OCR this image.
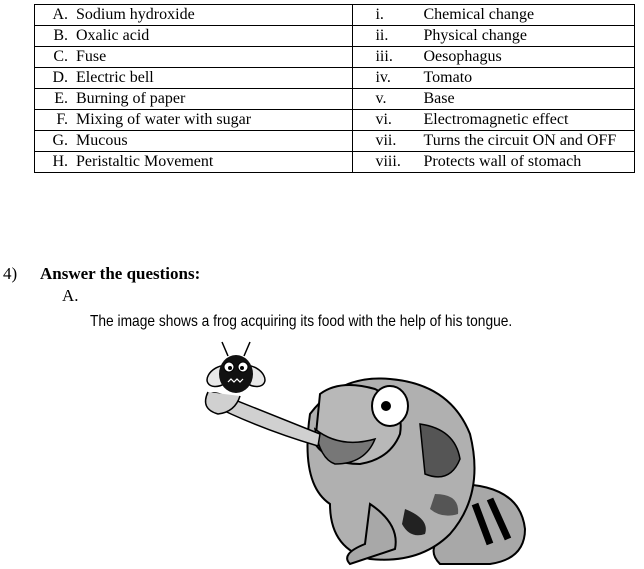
A. Sodium hydroxide	i. Chemical change
B. Oxalic acid	ii. Physical change
C. Fuse	iii. Oesophagus
D. Electric bell	iv. Tomato
E. Burning of paper	v. Base
F. Mixing of water with sugar	vi. Electromagnetic effect
G. Mucous	vii. Turns the circuit ON and OFF
H. Peristaltic Movement	viii. Protects wall of stomach
4) Answer the questions:
A.
The image shows a frog acquiring its food with the help of his tongue.
